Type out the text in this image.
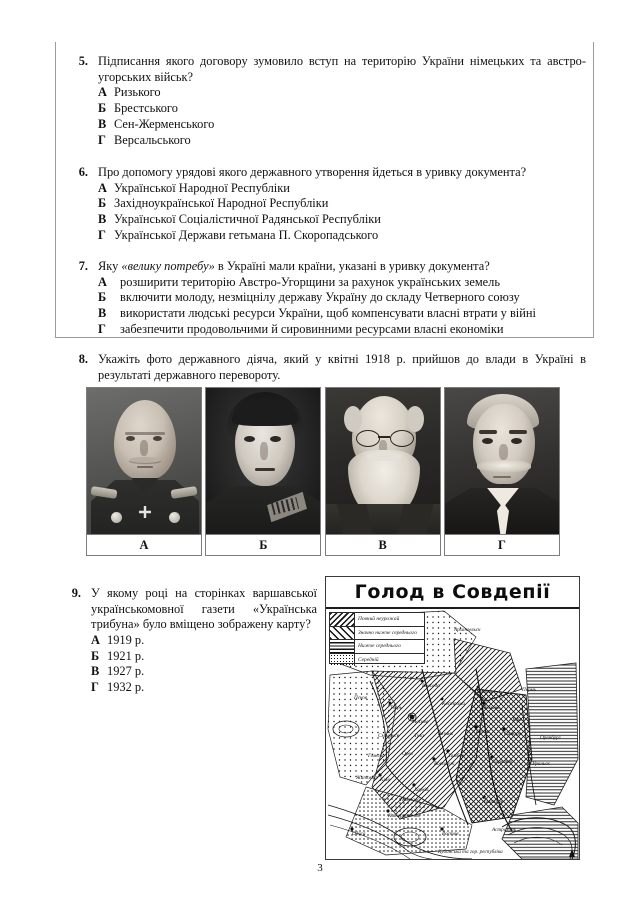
5. Підписання якого договору зумовило вступ на територію України німецьких та австро-угорських військ?
А Ризького
Б Брестського
В Сен-Жерменського
Г Версальського
6. Про допомогу урядові якого державного утворення йдеться в уривку документа?
А Української Народної Республіки
Б Західноукраїнської Народної Республіки
В Української Соціалістичної Радянської Республіки
Г Української Держави гетьмана П. Скоропадського
7. Яку «велику потребу» в Україні мали країни, указані в уривку документа?
А	розширити територію Австро-Угорщини за рахунок українських земель
Б	включити молоду, незміцнілу державу Україну до складу Четверного союзу
В	використати людські ресурси України, щоб компенсувати власні втрати у війні
Г	забезпечити продовольчими й сировинними ресурсами власні економіки
8. Укажіть фото державного діяча, який у квітні 1918 р. прийшов до влади в Україні в результаті державного перевороту.
А	Б	В	Г
9. У якому році на сторінках варшавської українськомовної газети «Українська трибуна» було вміщено зображену карту?
А 1919 р.
Б 1921 р.
В 1927 р.
Г 1932 р.
Голод в Совдепії
Повний неурожай
Значно нижче середнього
Нижче середнього
Середній
Архангельск
Вологда
Вятка	Пермь
Псков
Тверь
Кострома
Казань
Москва	Уфа
Смоленск	Тула	Рязань	Пенза	Самара
Оренбург
Гомель	Орел	Тамбов
Саратов	Уральск
Житомир Київ
Воронеж
Харків
Полтава	Царицин
Катеринослав
Одеса	Ростов
Астрахань
Кубанська та гор. республіка
3
